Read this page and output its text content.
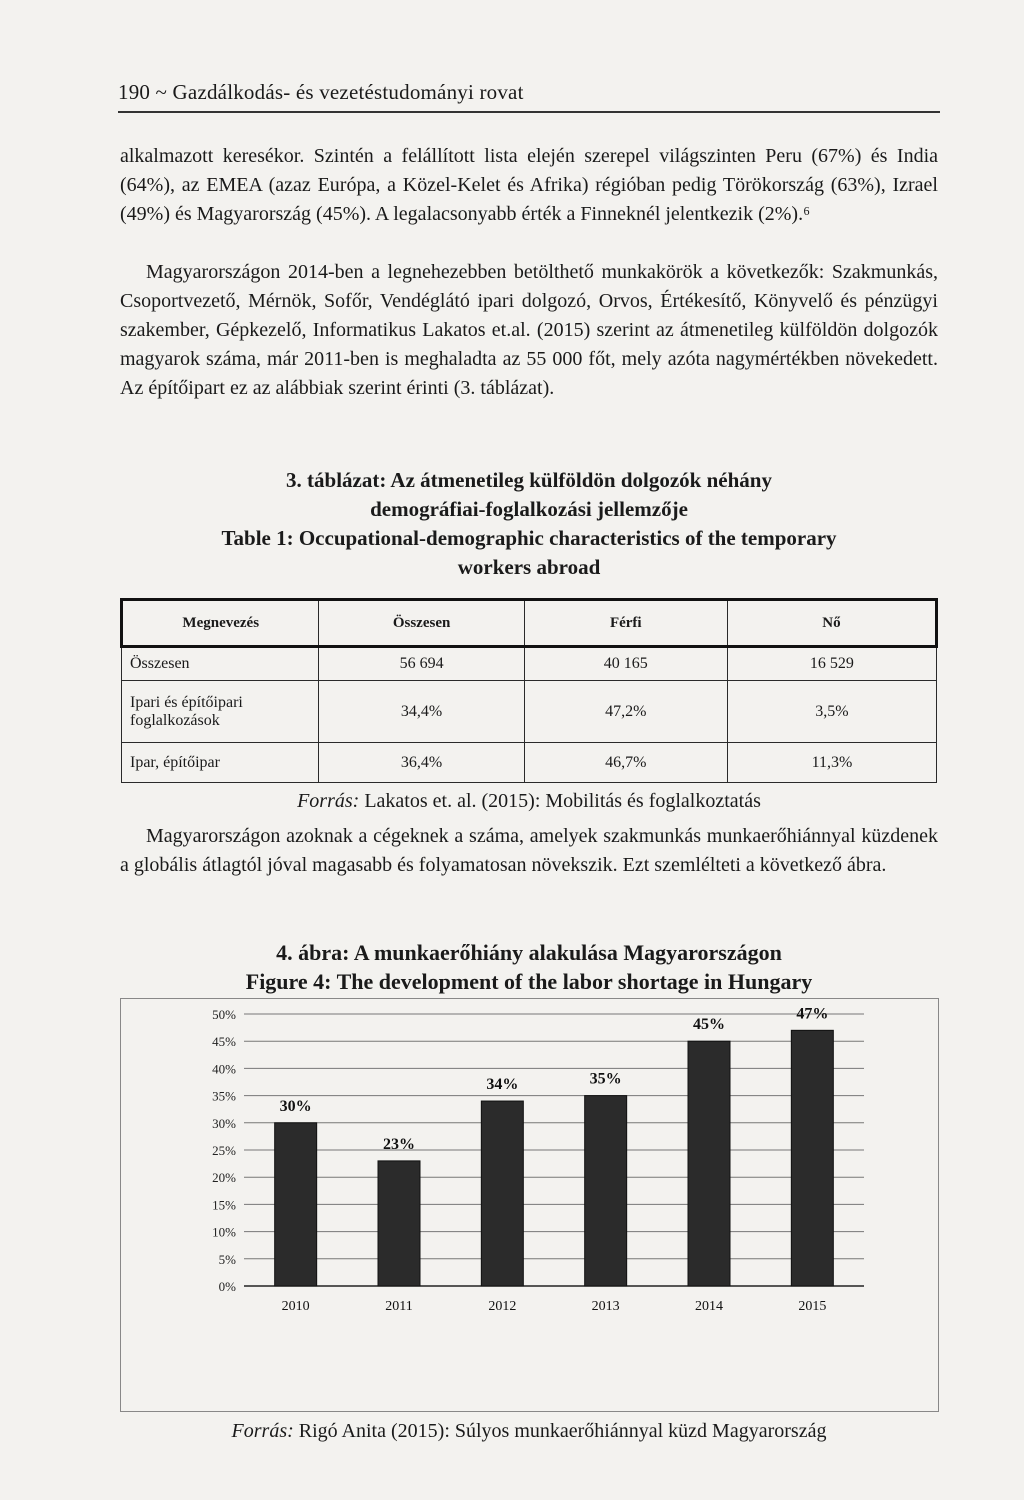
190 ~ Gazdálkodás- és vezetéstudományi rovat

alkalmazott keresékor. Szintén a felállított lista elején szerepel világszinten Peru (67%) és India (64%), az EMEA (azaz Európa, a Közel-Kelet és Afrika) régióban pedig Törökország (63%), Izrael (49%) és Magyarország (45%). A legalacsonyabb érték a Finneknél jelentkezik (2%).⁶

Magyarországon 2014-ben a legnehezebben betölthető munkakörök a következők: Szakmunkás, Csoportvezető, Mérnök, Sofőr, Vendéglátó ipari dolgozó, Orvos, Értékesítő, Könyvelő és pénzügyi szakember, Gépkezelő, Informatikus Lakatos et.al. (2015) szerint az átmenetileg külföldön dolgozók magyarok száma, már 2011-ben is meghaladta az 55 000 főt, mely azóta nagymértékben növekedett. Az építőipart ez az alábbiak szerint érinti (3. táblázat).

3. táblázat: Az átmenetileg külföldön dolgozók néhány
demográfiai-foglalkozási jellemzője
Table 1: Occupational-demographic characteristics of the temporary
workers abroad
Megnevezés	Összesen	Férfi	Nő
Összesen	56 694	40 165	16 529
Ipari és építőipari foglalkozások	34,4%	47,2%	3,5%
Ipar, építőipar	36,4%	46,7%	11,3%
Forrás: Lakatos et. al. (2015): Mobilitás és foglalkoztatás

Magyarországon azoknak a cégeknek a száma, amelyek szakmunkás munkaerőhiánnyal küzdenek a globális átlagtól jóval magasabb és folyamatosan növekszik. Ezt szemlélteti a következő ábra.

4. ábra: A munkaerőhiány alakulása Magyarországon
Figure 4: The development of the labor shortage in Hungary
0%
5%
10%
15%
20%
25%
30%
35%
40%
45%
50%
30%
23%
34%	35%
45%
47%
2010	2011	2012	2013	2014	2015
Forrás: Rigó Anita (2015): Súlyos munkaerőhiánnyal küzd Magyarország
